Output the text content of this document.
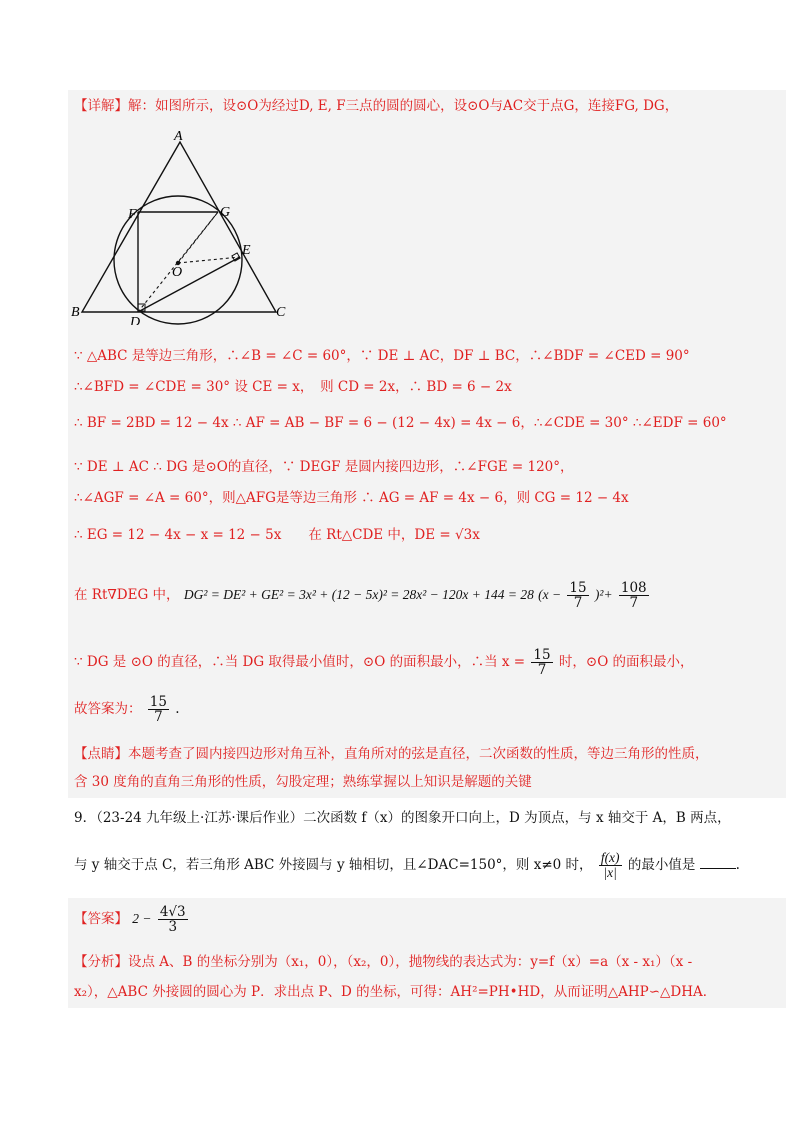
【详解】解：如图所示，设⊙O为经过D, E, F三点的圆的圆心，设⊙O与AC交于点G，连接FG, DG，
A
F	G
E
O
B
D
C
∵ △ABC 是等边三角形，∴∠B = ∠C = 60°，∵ DE ⊥ AC，DF ⊥ BC，∴∠BDF = ∠CED = 90°
∴∠BFD = ∠CDE = 30° 设 CE = x，　则 CD = 2x，∴ BD = 6 − 2x
∴ BF = 2BD = 12 − 4x ∴ AF = AB − BF = 6 − (12 − 4x) = 4x − 6，∴∠CDE = 30° ∴∠EDF = 60°
∵ DE ⊥ AC ∴ DG 是⊙O的直径，∵ DEGF 是圆内接四边形，∴∠FGE = 120°，
∴∠AGF = ∠A = 60°，则△AFG是等边三角形 ∴ AG = AF = 4x − 6，则 CG = 12 − 4x
∴ EG = 12 − 4x − x = 12 − 5x　　在 Rt△CDE 中，DE = √3x
在 Rt∇DEG 中， DG² = DE² + GE² = 3x² + (12 − 5x)² = 28x² − 120x + 144 = 28 $(x - \frac{15}{7} )^2+ \frac{108}{7}$
∵ DG 是 ⊙O 的直径，∴当 DG 取得最小值时，⊙O 的面积最小，∴当 $x = \frac{15}{7}$ 时，⊙O 的面积最小，
故答案为： $\frac{15}{7}$ .
【点睛】本题考查了圆内接四边形对角互补，直角所对的弦是直径，二次函数的性质，等边三角形的性质，
含 30 度角的直角三角形的性质，勾股定理；熟练掌握以上知识是解题的关键
9．（23-24 九年级上·江苏·课后作业）二次函数 f（x）的图象开口向上，D 为顶点，与 x 轴交于 A，B 两点，
与 y 轴交于点 C，若三角形 ABC 外接圆与 y 轴相切，且∠DAC=150°，则 x≠0 时， $\frac{f(x)}{|x|}$ 的最小值是	.
【答案】 $2 - \frac{4√3}{3}$
【分析】设点 A、B 的坐标分别为（x₁，0），（x₂，0），抛物线的表达式为：y=f（x）=a（x - x₁）（x -
x₂），△ABC 外接圆的圆心为 P．求出点 P、D 的坐标，可得：AH²=PH•HD，从而证明△AHP∽△DHA．
